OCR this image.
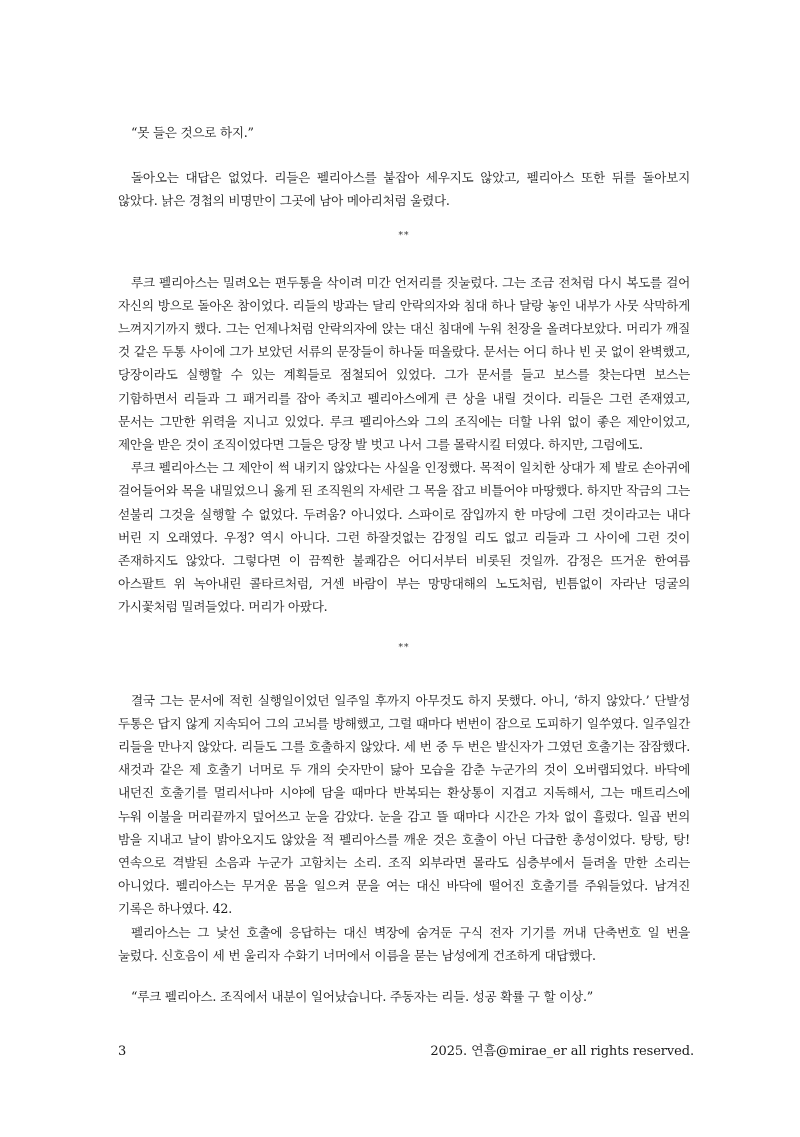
“못 들은 것으로 하지.”

돌아오는 대답은 없었다. 리들은 펠리아스를 붙잡아 세우지도 않았고, 펠리아스 또한 뒤를 돌아보지 않았다. 낡은 경첩의 비명만이 그곳에 남아 메아리처럼 울렸다.

**

루크 펠리아스는 밀려오는 편두통을 삭이려 미간 언저리를 짓눌렀다. 그는 조금 전처럼 다시 복도를 걸어 자신의 방으로 돌아온 참이었다. 리들의 방과는 달리 안락의자와 침대 하나 달랑 놓인 내부가 사뭇 삭막하게 느껴지기까지 했다. 그는 언제나처럼 안락의자에 앉는 대신 침대에 누워 천장을 올려다보았다. 머리가 깨질 것 같은 두통 사이에 그가 보았던 서류의 문장들이 하나둘 떠올랐다. 문서는 어디 하나 빈 곳 없이 완벽했고, 당장이라도 실행할 수 있는 계획들로 점철되어 있었다. 그가 문서를 들고 보스를 찾는다면 보스는 기함하면서 리들과 그 패거리를 잡아 족치고 펠리아스에게 큰 상을 내릴 것이다. 리들은 그런 존재였고, 문서는 그만한 위력을 지니고 있었다. 루크 펠리아스와 그의 조직에는 더할 나위 없이 좋은 제안이었고, 제안을 받은 것이 조직이었다면 그들은 당장 발 벗고 나서 그를 몰락시킬 터였다. 하지만, 그럼에도.

루크 펠리아스는 그 제안이 썩 내키지 않았다는 사실을 인정했다. 목적이 일치한 상대가 제 발로 손아귀에 걸어들어와 목을 내밀었으니 옳게 된 조직원의 자세란 그 목을 잡고 비틀어야 마땅했다. 하지만 작금의 그는 섣불리 그것을 실행할 수 없었다. 두려움? 아니었다. 스파이로 잠입까지 한 마당에 그런 것이라고는 내다 버린 지 오래였다. 우정? 역시 아니다. 그런 하잘것없는 감정일 리도 없고 리들과 그 사이에 그런 것이 존재하지도 않았다. 그렇다면 이 끔찍한 불쾌감은 어디서부터 비롯된 것일까. 감정은 뜨거운 한여름 아스팔트 위 녹아내린 콜타르처럼, 거센 바람이 부는 망망대해의 노도처럼, 빈틈없이 자라난 덩굴의 가시꽃처럼 밀려들었다. 머리가 아팠다.

**

결국 그는 문서에 적힌 실행일이었던 일주일 후까지 아무것도 하지 못했다. 아니, ‘하지 않았다.’ 단발성 두통은 답지 않게 지속되어 그의 고뇌를 방해했고, 그럴 때마다 번번이 잠으로 도피하기 일쑤였다. 일주일간 리들을 만나지 않았다. 리들도 그를 호출하지 않았다. 세 번 중 두 번은 발신자가 그였던 호출기는 잠잠했다. 새것과 같은 제 호출기 너머로 두 개의 숫자만이 닳아 모습을 감춘 누군가의 것이 오버랩되었다. 바닥에 내던진 호출기를 멀리서나마 시야에 담을 때마다 반복되는 환상통이 지겹고 지독해서, 그는 매트리스에 누워 이불을 머리끝까지 덮어쓰고 눈을 감았다. 눈을 감고 뜰 때마다 시간은 가차 없이 흘렀다. 일곱 번의 밤을 지내고 날이 밝아오지도 않았을 적 펠리아스를 깨운 것은 호출이 아닌 다급한 총성이었다. 탕탕, 탕! 연속으로 격발된 소음과 누군가 고함치는 소리. 조직 외부라면 몰라도 심층부에서 들려올 만한 소리는 아니었다. 펠리아스는 무거운 몸을 일으켜 문을 여는 대신 바닥에 떨어진 호출기를 주워들었다. 남겨진 기록은 하나였다. 42.

펠리아스는 그 낯선 호출에 응답하는 대신 벽장에 숨겨둔 구식 전자 기기를 꺼내 단축번호 일 번을 눌렀다. 신호음이 세 번 울리자 수화기 너머에서 이름을 묻는 남성에게 건조하게 대답했다.

“루크 펠리아스. 조직에서 내분이 일어났습니다. 주동자는 리들. 성공 확률 구 할 이상.”

3	2025. 연흠@mirae_er all rights reserved.
